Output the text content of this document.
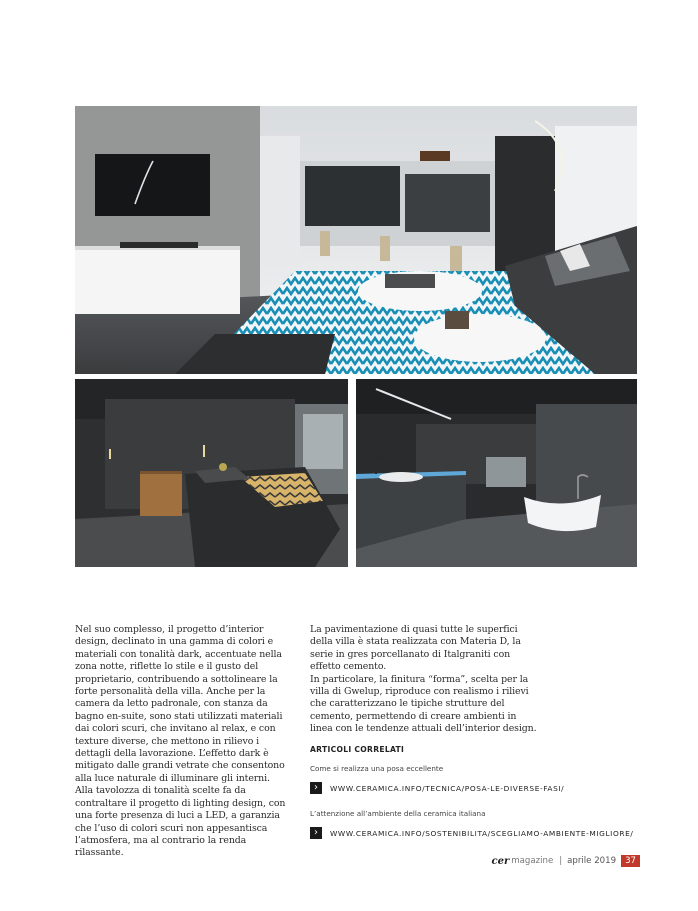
Nel suo complesso, il progetto d’interior design, declinato in una gamma di colori e materiali con tonalità dark, accentuate nella zona notte, riflette lo stile e il gusto del proprietario, contribuendo a sottolineare la forte personalità della villa. Anche per la camera da letto padronale, con stanza da bagno en-suite, sono stati utilizzati materiali dai colori scuri, che invitano al relax, e con texture diverse, che mettono in rilievo i dettagli della lavorazione. L’effetto dark è mitigato dalle grandi vetrate che consentono alla luce naturale di illuminare gli interni.

Alla tavolozza di tonalità scelte fa da contraltare il progetto di lighting design, con una forte presenza di luci a LED, a garanzia che l’uso di colori scuri non appesantisca l’atmosfera, ma al contrario la renda rilassante.

La pavimentazione di quasi tutte le superfici della villa è stata realizzata con Materia D, la serie in gres porcellanato di Italgraniti con effetto cemento.

In particolare, la finitura “forma”, scelta per la villa di Gwelup, riproduce con realismo i rilievi che caratterizzano le tipiche strutture del cemento, permettendo di creare ambienti in linea con le tendenze attuali dell’interior design.

ARTICOLI CORRELATI
Come si realizza una posa eccellente
›	WWW.CERAMICA.INFO/TECNICA/POSA-LE-DIVERSE-FASI/
L’attenzione all’ambiente della ceramica italiana
›	WWW.CERAMICA.INFO/SOSTENIBILITA/SCEGLIAMO-AMBIENTE-MIGLIORE/
cer magazine | aprile 2019	37
